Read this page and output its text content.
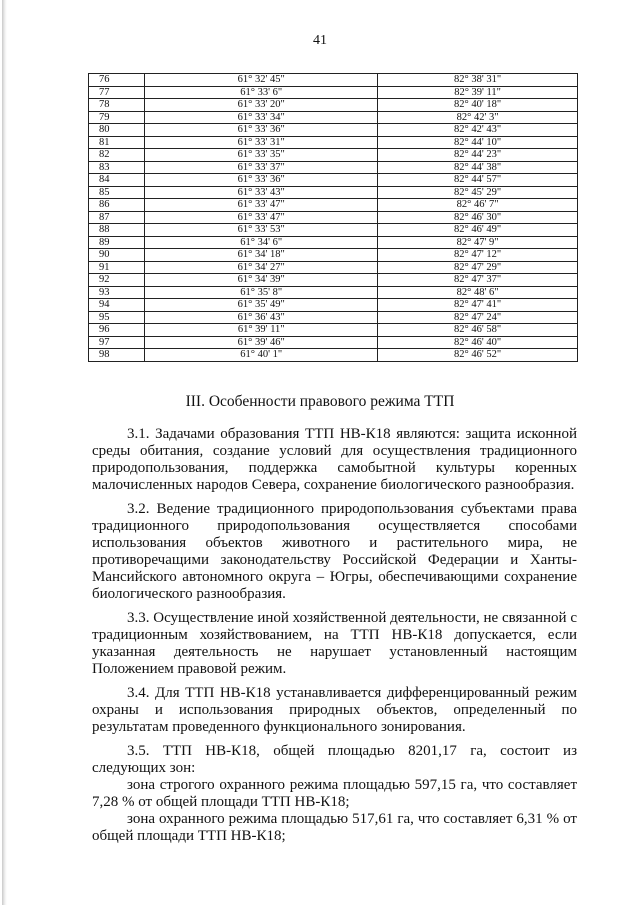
41
76	61° 32' 45"	82° 38' 31"
77	61° 33' 6"	82° 39' 11"
78	61° 33' 20"	82° 40' 18"
79	61° 33' 34"	82° 42' 3"
80	61° 33' 36"	82° 42' 43"
81	61° 33' 31"	82° 44' 10"
82	61° 33' 35"	82° 44' 23"
83	61° 33' 37"	82° 44' 38"
84	61° 33' 36"	82° 44' 57"
85	61° 33' 43"	82° 45' 29"
86	61° 33' 47"	82° 46' 7"
87	61° 33' 47"	82° 46' 30"
88	61° 33' 53"	82° 46' 49"
89	61° 34' 6"	82° 47' 9"
90	61° 34' 18"	82° 47' 12"
91	61° 34' 27"	82° 47' 29"
92	61° 34' 39"	82° 47' 37"
93	61° 35' 8"	82° 48' 6"
94	61° 35' 49"	82° 47' 41"
95	61° 36' 43"	82° 47' 24"
96	61° 39' 11"	82° 46' 58"
97	61° 39' 46"	82° 46' 40"
98	61° 40' 1"	82° 46' 52"
III. Особенности правового режима ТТП

3.1. Задачами образования ТТП НВ-К18 являются: защита исконной среды обитания, создание условий для осуществления традиционного природопользования, поддержка самобытной культуры коренных малочисленных народов Севера, сохранение биологического разнообразия.

3.2. Ведение традиционного природопользования субъектами права традиционного природопользования осуществляется способами использования объектов животного и растительного мира, не противоречащими законодательству Российской Федерации и Ханты-Мансийского автономного округа – Югры, обеспечивающими сохранение биологического разнообразия.

3.3. Осуществление иной хозяйственной деятельности, не связанной с традиционным хозяйствованием, на ТТП НВ-К18 допускается, если указанная деятельность не нарушает установленный настоящим Положением правовой режим.

3.4. Для ТТП НВ-К18 устанавливается дифференцированный режим охраны и использования природных объектов, определенный по результатам проведенного функционального зонирования.

3.5. ТТП НВ-К18, общей площадью 8201,17 га, состоит из следующих зон:

зона строгого охранного режима площадью 597,15 га, что составляет 7,28 % от общей площади ТТП НВ-К18;

зона охранного режима площадью 517,61 га, что составляет 6,31 % от общей площади ТТП НВ-К18;
